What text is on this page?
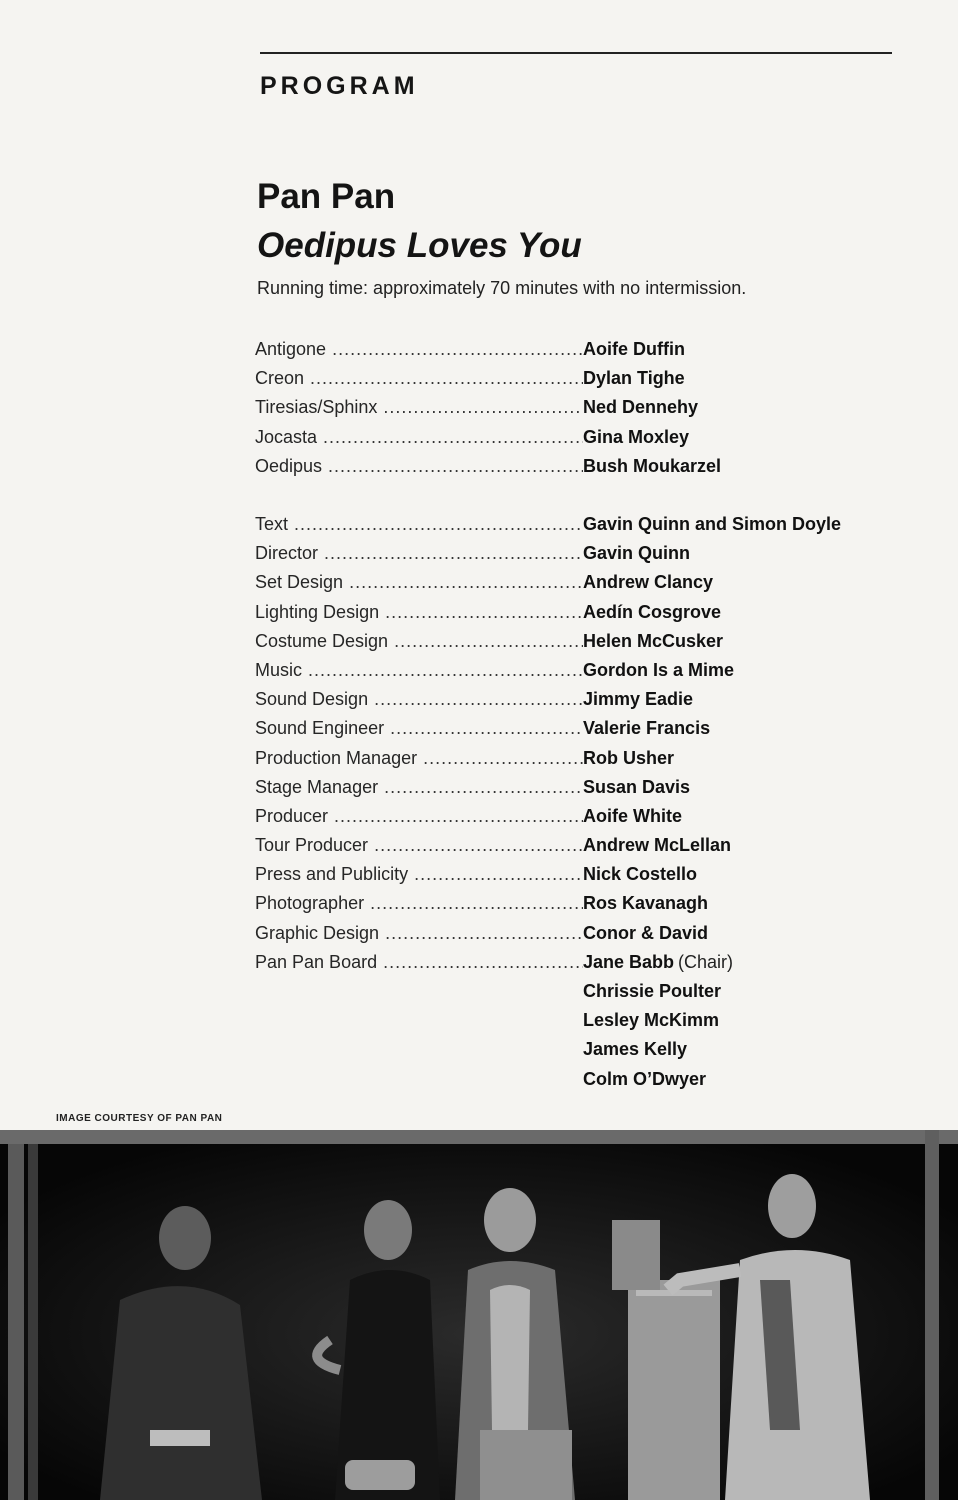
PROGRAM
Pan Pan
Oedipus Loves You
Running time: approximately 70 minutes with no intermission.
Antigone .....	Aoife Duffin
Creon .....	Dylan Tighe
Tiresias/Sphinx .....	Ned Dennehy
Jocasta .....	Gina Moxley
Oedipus .....	Bush Moukarzel
Text .....	Gavin Quinn and Simon Doyle
Director .....	Gavin Quinn
Set Design .....	Andrew Clancy
Lighting Design .....	Aedín Cosgrove
Costume Design .....	Helen McCusker
Music .....	Gordon Is a Mime
Sound Design .....	Jimmy Eadie
Sound Engineer .....	Valerie Francis
Production Manager .....	Rob Usher
Stage Manager .....	Susan Davis
Producer .....	Aoife White
Tour Producer .....	Andrew McLellan
Press and Publicity .....	Nick Costello
Photographer .....	Ros Kavanagh
Graphic Design .....	Conor & David
Pan Pan Board .....	Jane Babb (Chair)
Chrissie Poulter
Lesley McKimm
James Kelly
Colm O’Dwyer
IMAGE COURTESY OF PAN PAN
